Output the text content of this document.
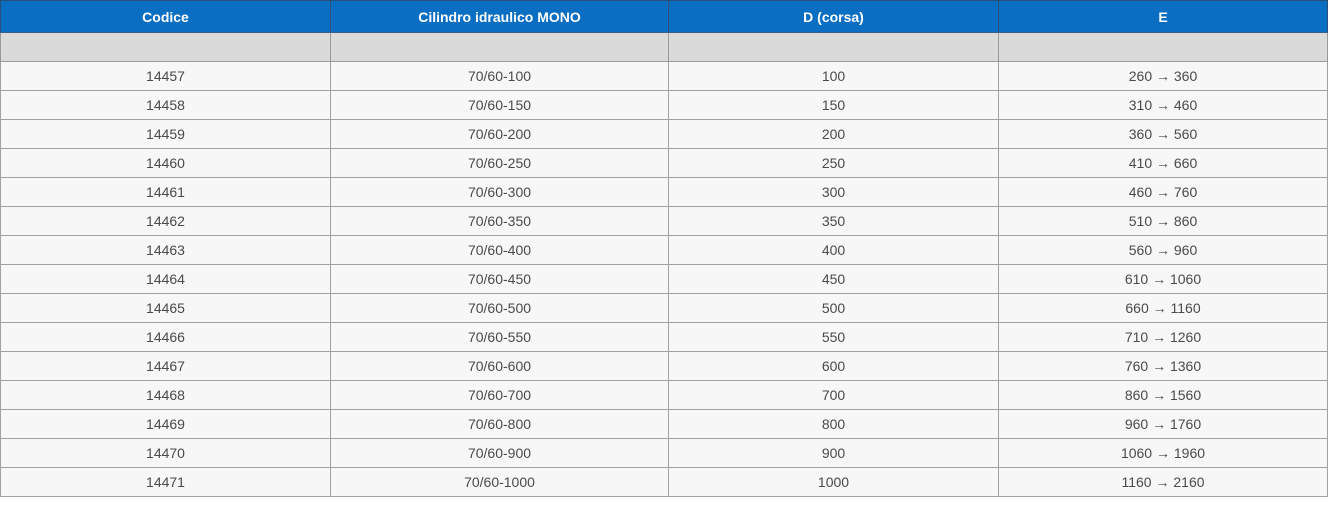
Codice	Cilindro idraulico MONO	D (corsa)	E

14457	70/60-100	100	260 → 360
14458	70/60-150	150	310 → 460
14459	70/60-200	200	360 → 560
14460	70/60-250	250	410 → 660
14461	70/60-300	300	460 → 760
14462	70/60-350	350	510 → 860
14463	70/60-400	400	560 → 960
14464	70/60-450	450	610 → 1060
14465	70/60-500	500	660 → 1160
14466	70/60-550	550	710 → 1260
14467	70/60-600	600	760 → 1360
14468	70/60-700	700	860 → 1560
14469	70/60-800	800	960 → 1760
14470	70/60-900	900	1060 → 1960
14471	70/60-1000	1000	1160 → 2160
